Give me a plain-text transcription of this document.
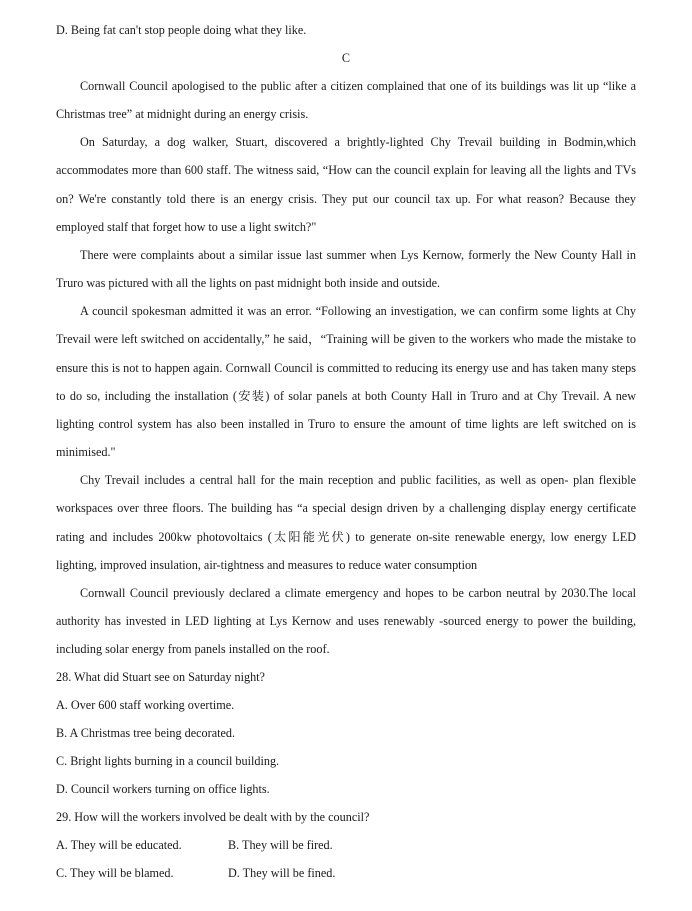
D. Being fat can't stop people doing what they like.

C

Cornwall Council apologised to the public after a citizen complained that one of its buildings was lit up “like a Christmas tree” at midnight during an energy crisis.

On Saturday, a dog walker, Stuart, discovered a brightly-lighted Chy Trevail building in Bodmin,which accommodates more than 600 staff. The witness said, “How can the council explain for leaving all the lights and TVs on? We're constantly told there is an energy crisis. They put our council tax up. For what reason? Because they employed stalf that forget how to use a light switch?"

There were complaints about a similar issue last summer when Lys Kernow, formerly the New County Hall in Truro was pictured with all the lights on past midnight both inside and outside.

A council spokesman admitted it was an error. “Following an investigation, we can confirm some lights at Chy Trevail were left switched on accidentally,” he said，“Training will be given to the workers who made the mistake to ensure this is not to happen again. Cornwall Council is committed to reducing its energy use and has taken many steps to do so, including the installation (安装) of solar panels at both County Hall in Truro and at Chy Trevail. A new lighting control system has also been installed in Truro to ensure the amount of time lights are left switched on is minimised."

Chy Trevail includes a central hall for the main reception and public facilities, as well as open- plan flexible workspaces over three floors. The building has “a special design driven by a challenging display energy certificate rating and includes 200kw photovoltaics (太阳能光伏) to generate on-site renewable energy, low energy LED lighting, improved insulation, air-tightness and measures to reduce water consumption

Cornwall Council previously declared a climate emergency and hopes to be carbon neutral by 2030.The local authority has invested in LED lighting at Lys Kernow and uses renewably -sourced energy to power the building, including solar energy from panels installed on the roof.

28. What did Stuart see on Saturday night?

A. Over 600 staff working overtime.

B. A Christmas tree being decorated.

C. Bright lights burning in a council building.

D. Council workers turning on office lights.

29. How will the workers involved be dealt with by the council?

A. They will be educated.	B. They will be fired.
C. They will be blamed.	D. They will be fined.
